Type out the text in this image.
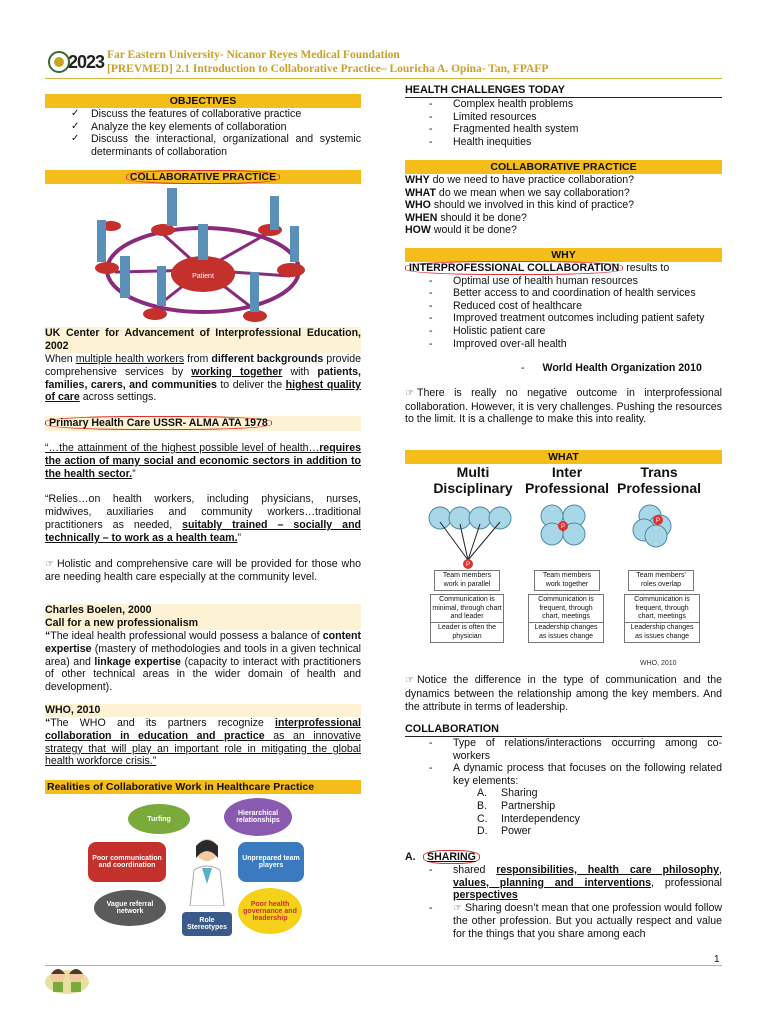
2023 Far Eastern University- Nicanor Reyes Medical Foundation
[PREVMED] 2.1 Introduction to Collaborative Practice– Louricha A. Opina- Tan, FPAFP
OBJECTIVES
✓ Discuss the features of collaborative practice
✓ Analyze the key elements of collaboration
✓ Discuss the interactional, organizational and systemic determinants of collaboration
COLLABORATIVE PRACTICE
Patient
UK Center for Advancement of Interprofessional Education, 2002

When multiple health workers from different backgrounds provide comprehensive services by working together with patients, families, carers, and communities to deliver the highest quality of care across settings.

Primary Health Care USSR- ALMA ATA 1978

“…the attainment of the highest possible level of health…requires the action of many social and economic sectors in addition to the health sector.”

“Relies…on health workers, including physicians, nurses, midwives, auxiliaries and community workers…traditional practitioners as needed, suitably trained – socially and technically – to work as a health team.”

☞ Holistic and comprehensive care will be provided for those who are needing health care especially at the community level.

Charles Boelen, 2000
Call for a new professionalism

“The ideal health professional would possess a balance of content expertise (mastery of methodologies and tools in a given technical area) and linkage expertise (capacity to interact with practitioners of other technical areas in the wider domain of health and development).

WHO, 2010

“The WHO and its partners recognize interprofessional collaboration in education and practice as an innovative strategy that will play an important role in mitigating the global health workforce crisis.”

Realities of Collaborative Work in Healthcare Practice
Turfing
Hierarchical relationships
Poor communication and coordination
Unprepared team players
Vague referral network
Role Stereotypes
Poor health governance and leadership
HEALTH CHALLENGES TODAY
- Complex health problems
- Limited resources
- Fragmented health system
- Health inequities
COLLABORATIVE PRACTICE
WHY do we need to have practice collaboration?
WHAT do we mean when we say collaboration?
WHO should we involved in this kind of practice?
WHEN should it be done?
HOW would it be done?
WHY
INTERPROFESSIONAL COLLABORATION results to
- Optimal use of health human resources
- Better access to and coordination of health services
- Reduced cost of healthcare
- Improved treatment outcomes including patient safety
- Holistic patient care
- Improved over-all health
- World Health Organization 2010

☞ There is really no negative outcome in interprofessional collaboration. However, it is very challenges. Pushing the resources to the limit. It is a challenge to make this into reality.

WHAT
Multi Disciplinary
Inter Professional
Trans Professional
P
P
P
Team members work in parallel
Communication is minimal, through chart and leader
Leader is often the physician
Team members work together
Communication is frequent, through chart, meetings
Leadership changes as issues change
Team members' roles overlap
Communication is frequent, through chart, meetings
Leadership changes as issues change
WHO, 2010

☞ Notice the difference in the type of communication and the dynamics between the relationship among the key members. And the attribute in terms of leadership.

COLLABORATION
- Type of relations/interactions occurring among co-workers
- A dynamic process that focuses on the following related key elements:
A. Sharing
B. Partnership
C. Interdependency
D. Power
A. SHARING
- shared responsibilities, health care philosophy, values, planning and interventions, professional perspectives
- ☞ Sharing doesn’t mean that one profession would follow the other profession. But you actually respect and value for the things that you share among each
1
